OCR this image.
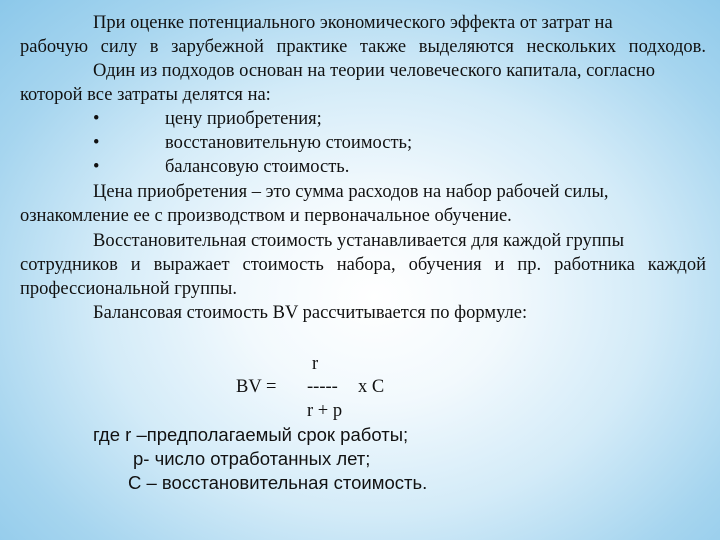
При оценке потенциального экономического эффекта от затрат на

рабочую силу в зарубежной практике также выделяются нескольких подходов.

Один из подходов основан на теории человеческого капитала, согласно

которой все затраты делятся на:

•	цену приобретения;
•	восстановительную стоимость;
•	балансовую стоимость.

Цена приобретения – это сумма расходов на набор рабочей силы,

ознакомление ее с производством и первоначальное обучение.

Восстановительная стоимость устанавливается для каждой группы

сотрудников и выражает стоимость набора, обучения и пр. работника каждой

профессиональной группы.

Балансовая стоимость BV рассчитывается по формуле:

r
BV = ----- x C
r + p
где r –предполагаемый срок работы;
p- число отработанных лет;
С – восстановительная стоимость.
